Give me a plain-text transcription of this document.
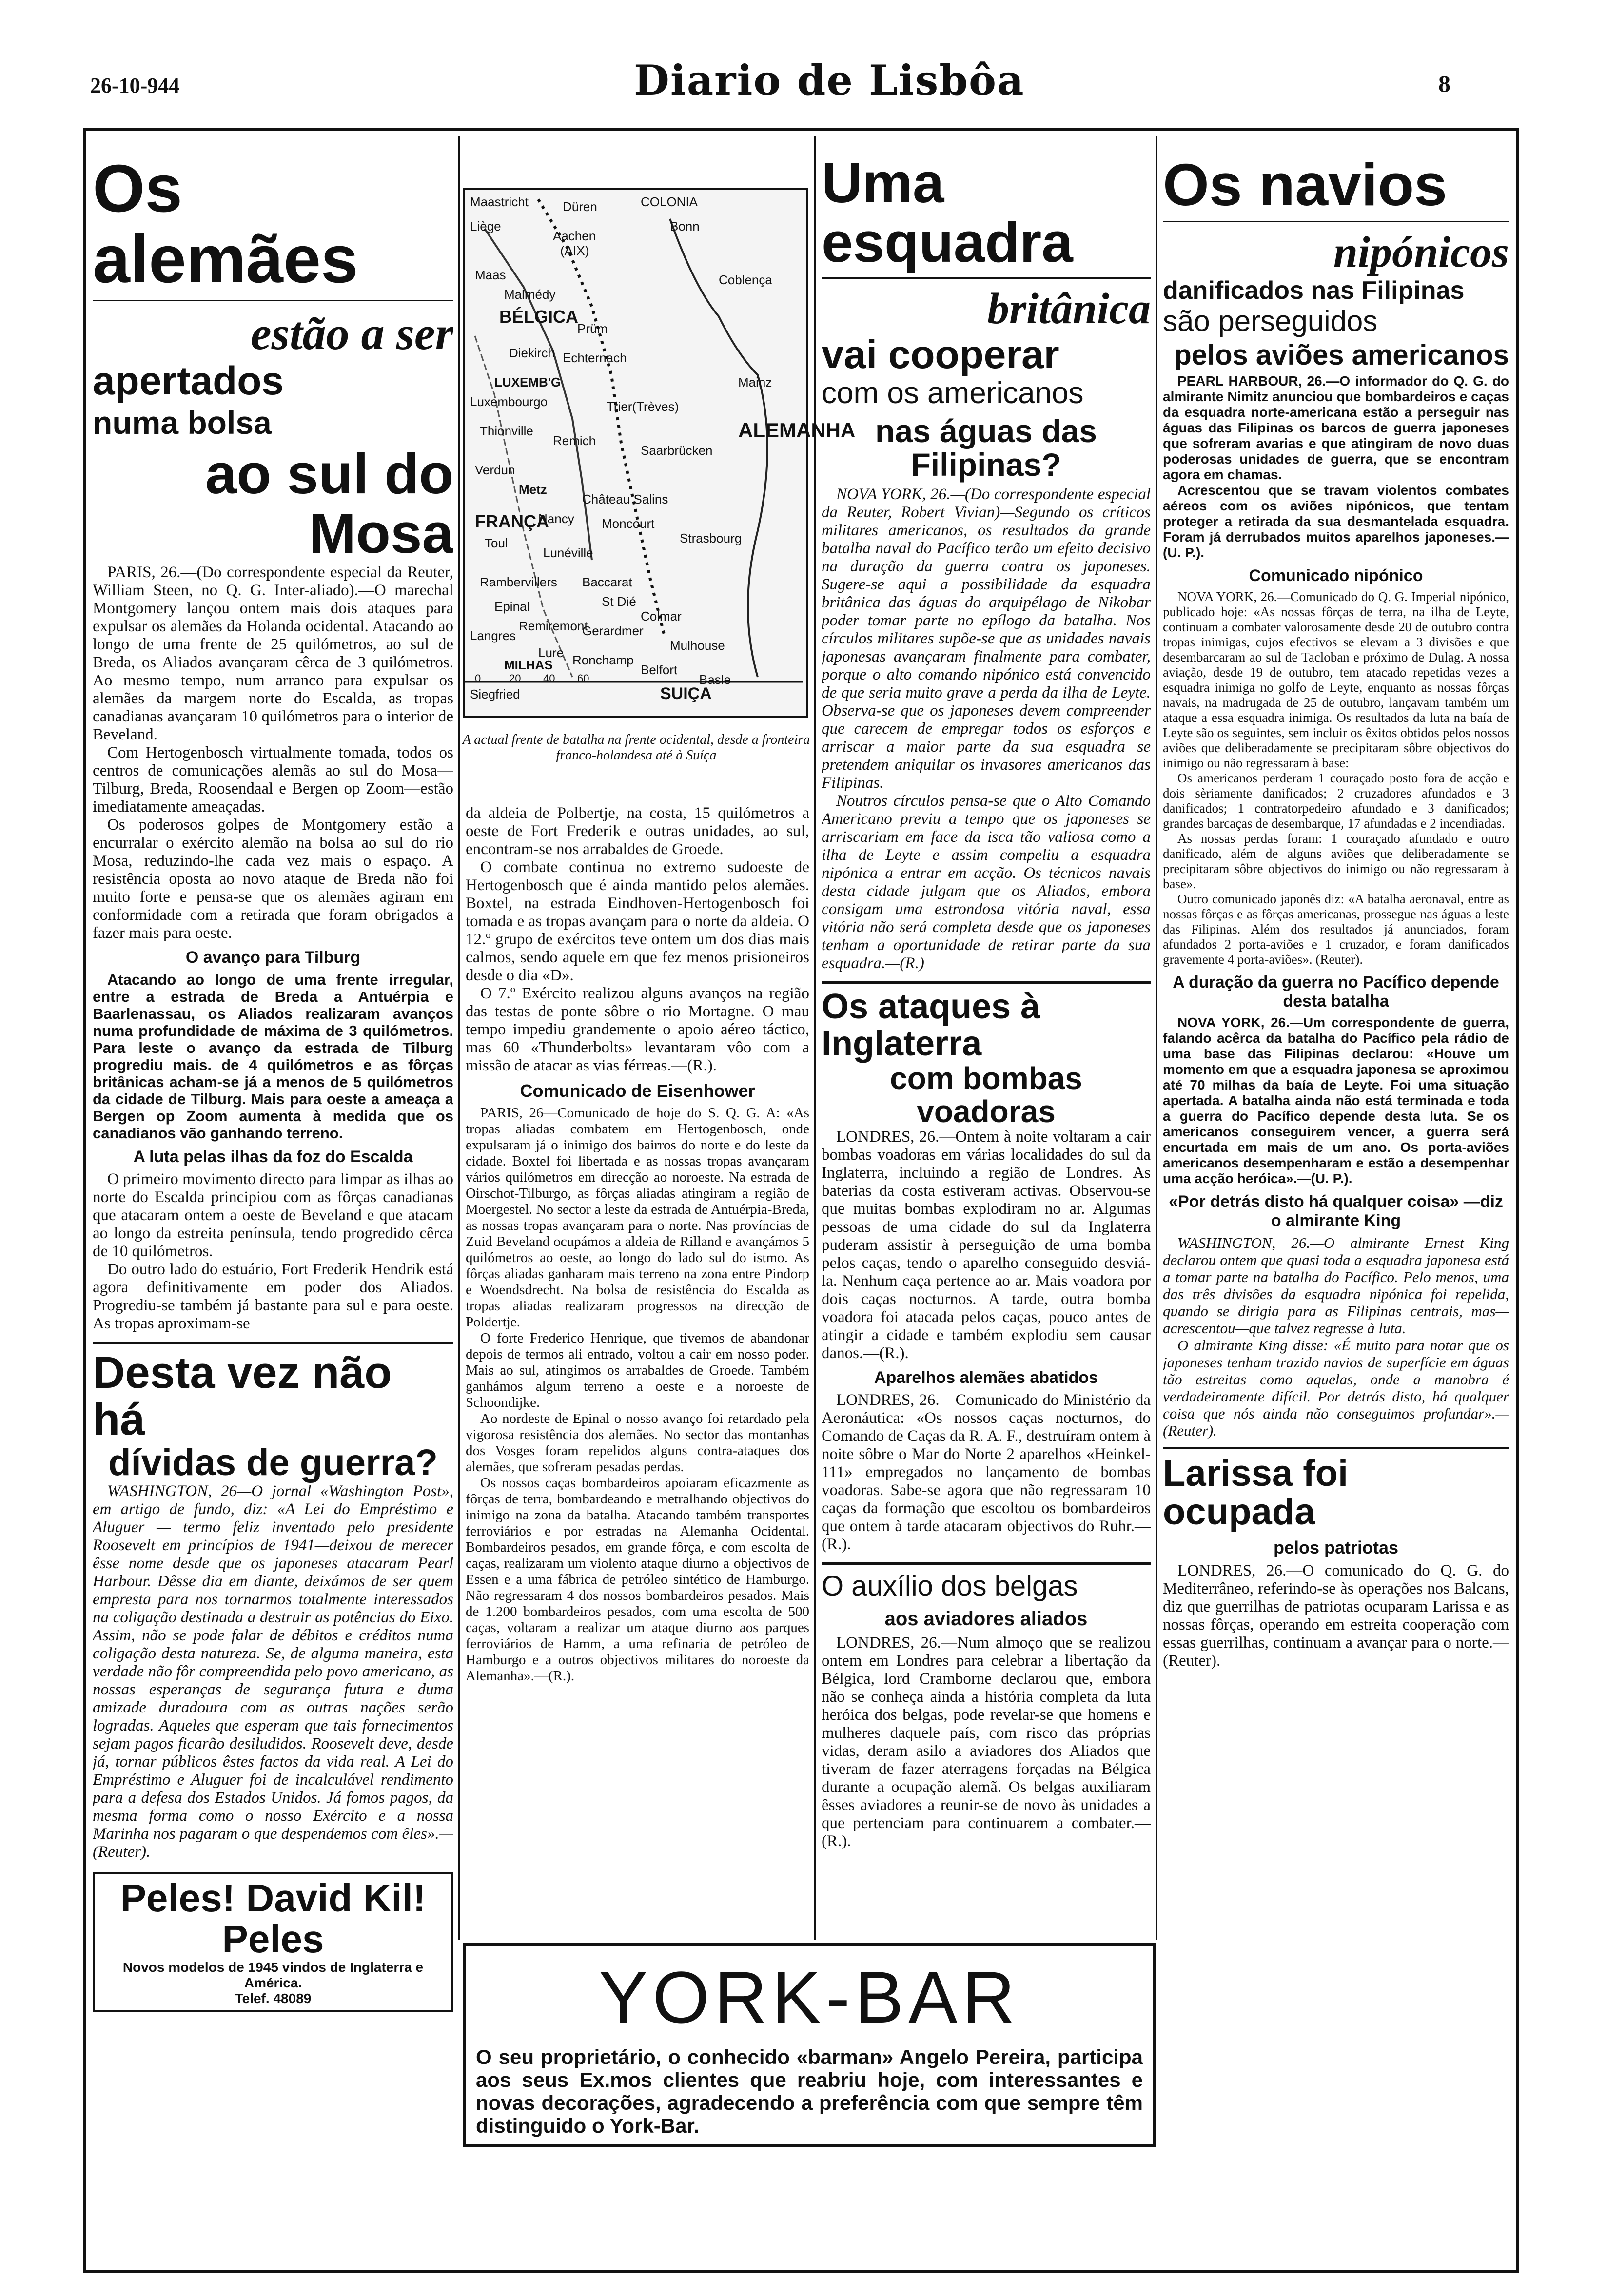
26-10-944	Diario de Lisbôa	8
Os alemães
estão a ser
apertados
numa bolsa
ao sul do Mosa

PARIS, 26.—(Do correspondente especial da Reuter, William Steen, no Q. G. Inter-aliado).—O marechal Montgomery lançou ontem mais dois ataques para expulsar os alemães da Holanda ocidental. Atacando ao longo de uma frente de 25 quilómetros, ao sul de Breda, os Aliados avançaram cêrca de 3 quilómetros. Ao mesmo tempo, num arranco para expulsar os alemães da margem norte do Escalda, as tropas canadianas avançaram 10 quilómetros para o interior de Beveland.

Com Hertogenbosch virtualmente tomada, todos os centros de comunicações alemãs ao sul do Mosa—Tilburg, Breda, Roosendaal e Bergen op Zoom—estão imediatamente ameaçadas.

Os poderosos golpes de Montgomery estão a encurralar o exército alemão na bolsa ao sul do rio Mosa, reduzindo-lhe cada vez mais o espaço. A resistência oposta ao novo ataque de Breda não foi muito forte e pensa-se que os alemães agiram em conformidade com a retirada que foram obrigados a fazer mais para oeste.

O avanço para Tilburg

Atacando ao longo de uma frente irregular, entre a estrada de Breda a Antuérpia e Baarlenassau, os Aliados realizaram avanços numa profundidade de máxima de 3 quilómetros. Para leste o avanço da estrada de Tilburg progrediu mais. de 4 quilómetros e as fôrças britânicas acham-se já a menos de 5 quilómetros da cidade de Tilburg. Mais para oeste a ameaça a Bergen op Zoom aumenta à medida que os canadianos vão ganhando terreno.

A luta pelas ilhas da foz do Escalda

O primeiro movimento directo para limpar as ilhas ao norte do Escalda principiou com as fôrças canadianas que atacaram ontem a oeste de Beveland e que atacam ao longo da estreita península, tendo progredido cêrca de 10 quilómetros.

Do outro lado do estuário, Fort Frederik Hendrik está agora definitivamente em poder dos Aliados. Progrediu-se também já bastante para sul e para oeste. As tropas aproximam-se

Desta vez não há
dívidas de guerra?

WASHINGTON, 26—O jornal «Washington Post», em artigo de fundo, diz: «A Lei do Empréstimo e Aluguer — termo feliz inventado pelo presidente Roosevelt em princípios de 1941—deixou de merecer êsse nome desde que os japoneses atacaram Pearl Harbour. Dêsse dia em diante, deixámos de ser quem empresta para nos tornarmos totalmente interessados na coligação destinada a destruir as potências do Eixo. Assim, não se pode falar de débitos e créditos numa coligação desta natureza. Se, de alguma maneira, esta verdade não fôr compreendida pelo povo americano, as nossas esperanças de segurança futura e duma amizade duradoura com as outras nações serão logradas. Aqueles que esperam que tais fornecimentos sejam pagos ficarão desiludidos. Roosevelt deve, desde já, tornar públicos êstes factos da vida real. A Lei do Empréstimo e Aluguer foi de incalculável rendimento para a defesa dos Estados Unidos. Já fomos pagos, da mesma forma como o nosso Exército e a nossa Marinha nos pagaram o que despendemos com êles».—(Reuter).

Peles! David Kil! Peles
Novos modelos de 1945 vindos de Inglaterra e América.
Telef. 48089
Maastricht	Düren	COLONIA
Liège
Aachen
(AIX)
Bonn
Maas
Malmédy
Coblença
Prüm
Diekirch Echternach
LUXEMB'G	Mainz
Luxembourgo	Trier(Trèves)
Thionville
Remich
Saarbrücken
Verdun
Metz
Château Salins
Nancy Moncourt
Toul	Strasbourg
Lunéville
Rambervillers Baccarat
Epinal	St Dié
Colmar
Langres
Remiremont
Gerardmer
Lure Ronchamp
Mulhouse
Belfort
Basle
MILHAS
Siegfried	SUIÇA
ALEMANHA
BÉLGICA
FRANÇA
0	20 40 60
A actual frente de batalha na frente ocidental, desde a fronteira franco-holandesa até à Suíça

da aldeia de Polbertje, na costa, 15 quilómetros a oeste de Fort Frederik e outras unidades, ao sul, encontram-se nos arrabaldes de Groede.

O combate continua no extremo sudoeste de Hertogenbosch que é ainda mantido pelos alemães. Boxtel, na estrada Eindhoven-Hertogenbosch foi tomada e as tropas avançam para o norte da aldeia. O 12.º grupo de exércitos teve ontem um dos dias mais calmos, sendo aquele em que fez menos prisioneiros desde o dia «D».

O 7.º Exército realizou alguns avanços na região das testas de ponte sôbre o rio Mortagne. O mau tempo impediu grandemente o apoio aéreo táctico, mas 60 «Thunderbolts» levantaram vôo com a missão de atacar as vias férreas.—(R.).

Comunicado de Eisenhower

PARIS, 26—Comunicado de hoje do S. Q. G. A: «As tropas aliadas combatem em Hertogenbosch, onde expulsaram já o inimigo dos bairros do norte e do leste da cidade. Boxtel foi libertada e as nossas tropas avançaram vários quilómetros em direcção ao noroeste. Na estrada de Oirschot-Tilburgo, as fôrças aliadas atingiram a região de Moergestel. No sector a leste da estrada de Antuérpia-Breda, as nossas tropas avançaram para o norte. Nas províncias de Zuid Beveland ocupámos a aldeia de Rilland e avançámos 5 quilómetros ao oeste, ao longo do lado sul do istmo. As fôrças aliadas ganharam mais terreno na zona entre Pindorp e Woendsdrecht. Na bolsa de resistência do Escalda as tropas aliadas realizaram progressos na direcção de Poldertje.

O forte Frederico Henrique, que tivemos de abandonar depois de termos ali entrado, voltou a cair em nosso poder. Mais ao sul, atingimos os arrabaldes de Groede. Também ganhámos algum terreno a oeste e a noroeste de Schoondijke.

Ao nordeste de Epinal o nosso avanço foi retardado pela vigorosa resistência dos alemães. No sector das montanhas dos Vosges foram repelidos alguns contra-ataques dos alemães, que sofreram pesadas perdas.

Os nossos caças bombardeiros apoiaram eficazmente as fôrças de terra, bombardeando e metralhando objectivos do inimigo na zona da batalha. Atacando também transportes ferroviários e por estradas na Alemanha Ocidental. Bombardeiros pesados, em grande fôrça, e com escolta de caças, realizaram um violento ataque diurno a objectivos de Essen e a uma fábrica de petróleo sintético de Hamburgo. Não regressaram 4 dos nossos bombardeiros pesados. Mais de 1.200 bombardeiros pesados, com uma escolta de 500 caças, voltaram a realizar um ataque diurno aos parques ferroviários de Hamm, a uma refinaria de petróleo de Hamburgo e a outros objectivos militares do noroeste da Alemanha».—(R.).

Uma esquadra
britânica
vai cooperar
com os americanos
nas águas das Filipinas?

NOVA YORK, 26.—(Do correspondente especial da Reuter, Robert Vivian)—Segundo os críticos militares americanos, os resultados da grande batalha naval do Pacífico terão um efeito decisivo na duração da guerra contra os japoneses. Sugere-se aqui a possibilidade da esquadra britânica das águas do arquipélago de Nikobar poder tomar parte no epílogo da batalha. Nos círculos militares supõe-se que as unidades navais japonesas avançaram finalmente para combater, porque o alto comando nipónico está convencido de que seria muito grave a perda da ilha de Leyte. Observa-se que os japoneses devem compreender que carecem de empregar todos os esforços e arriscar a maior parte da sua esquadra se pretendem aniquilar os invasores americanos das Filipinas.

Noutros círculos pensa-se que o Alto Comando Americano previu a tempo que os japoneses se arriscariam em face da isca tão valiosa como a ilha de Leyte e assim compeliu a esquadra nipónica a entrar em acção. Os técnicos navais desta cidade julgam que os Aliados, embora consigam uma estrondosa vitória naval, essa vitória não será completa desde que os japoneses tenham a oportunidade de retirar parte da sua esquadra.—(R.)

Os ataques à Inglaterra
com bombas voadoras

LONDRES, 26.—Ontem à noite voltaram a cair bombas voadoras em várias localidades do sul da Inglaterra, incluindo a região de Londres. As baterias da costa estiveram activas. Observou-se que muitas bombas explodiram no ar. Algumas pessoas de uma cidade do sul da Inglaterra puderam assistir à perseguição de uma bomba pelos caças, tendo o aparelho conseguido desviá-la. Nenhum caça pertence ao ar. Mais voadora por dois caças nocturnos. A tarde, outra bomba voadora foi atacada pelos caças, pouco antes de atingir a cidade e também explodiu sem causar danos.—(R.).

Aparelhos alemães abatidos

LONDRES, 26.—Comunicado do Ministério da Aeronáutica: «Os nossos caças nocturnos, do Comando de Caças da R. A. F., destruíram ontem à noite sôbre o Mar do Norte 2 aparelhos «Heinkel-111» empregados no lançamento de bombas voadoras. Sabe-se agora que não regressaram 10 caças da formação que escoltou os bombardeiros que ontem à tarde atacaram objectivos do Ruhr.—(R.).

O auxílio dos belgas
aos aviadores aliados

LONDRES, 26.—Num almoço que se realizou ontem em Londres para celebrar a libertação da Bélgica, lord Cramborne declarou que, embora não se conheça ainda a história completa da luta heróica dos belgas, pode revelar-se que homens e mulheres daquele país, com risco das próprias vidas, deram asilo a aviadores dos Aliados que tiveram de fazer aterragens forçadas na Bélgica durante a ocupação alemã. Os belgas auxiliaram êsses aviadores a reunir-se de novo às unidades a que pertenciam para continuarem a combater.—(R.).

Os navios
nipónicos
danificados nas Filipinas
são perseguidos
pelos aviões americanos

PEARL HARBOUR, 26.—O informador do Q. G. do almirante Nimitz anunciou que bombardeiros e caças da esquadra norte-americana estão a perseguir nas águas das Filipinas os barcos de guerra japoneses que sofreram avarias e que atingiram de novo duas poderosas unidades de guerra, que se encontram agora em chamas.

Acrescentou que se travam violentos combates aéreos com os aviões nipónicos, que tentam proteger a retirada da sua desmantelada esquadra. Foram já derrubados muitos aparelhos japoneses.—(U. P.).

Comunicado nipónico

NOVA YORK, 26.—Comunicado do Q. G. Imperial nipónico, publicado hoje: «As nossas fôrças de terra, na ilha de Leyte, continuam a combater valorosamente desde 20 de outubro contra tropas inimigas, cujos efectivos se elevam a 3 divisões e que desembarcaram ao sul de Tacloban e próximo de Dulag. A nossa aviação, desde 19 de outubro, tem atacado repetidas vezes a esquadra inimiga no golfo de Leyte, enquanto as nossas fôrças navais, na madrugada de 25 de outubro, lançavam também um ataque a essa esquadra inimiga. Os resultados da luta na baía de Leyte são os seguintes, sem incluir os êxitos obtidos pelos nossos aviões que deliberadamente se precipitaram sôbre objectivos do inimigo ou não regressaram à base:

Os americanos perderam 1 couraçado posto fora de acção e dois sèriamente danificados; 2 cruzadores afundados e 3 danificados; 1 contratorpedeiro afundado e 3 danificados; grandes barcaças de desembarque, 17 afundadas e 2 incendiadas.

As nossas perdas foram: 1 couraçado afundado e outro danificado, além de alguns aviões que deliberadamente se precipitaram sôbre objectivos do inimigo ou não regressaram à base».

Outro comunicado japonês diz: «A batalha aeronaval, entre as nossas fôrças e as fôrças americanas, prossegue nas águas a leste das Filipinas. Além dos resultados já anunciados, foram afundados 2 porta-aviões e 1 cruzador, e foram danificados gravemente 4 porta-aviões». (Reuter).

A duração da guerra no Pacífico depende desta batalha

NOVA YORK, 26.—Um correspondente de guerra, falando acêrca da batalha do Pacífico pela rádio de uma base das Filipinas declarou: «Houve um momento em que a esquadra japonesa se aproximou até 70 milhas da baía de Leyte. Foi uma situação apertada. A batalha ainda não está terminada e toda a guerra do Pacífico depende desta luta. Se os americanos conseguirem vencer, a guerra será encurtada em mais de um ano. Os porta-aviões americanos desempenharam e estão a desempenhar uma acção heróica».—(U. P.).

«Por detrás disto há qualquer coisa» —diz o almirante King

WASHINGTON, 26.—O almirante Ernest King declarou ontem que quasi toda a esquadra japonesa está a tomar parte na batalha do Pacífico. Pelo menos, uma das três divisões da esquadra nipónica foi repelida, quando se dirigia para as Filipinas centrais, mas—acrescentou—que talvez regresse à luta.

O almirante King disse: «É muito para notar que os japoneses tenham trazido navios de superfície em águas tão estreitas como aquelas, onde a manobra é verdadeiramente difícil. Por detrás disto, há qualquer coisa que nós ainda não conseguimos profundar».—(Reuter).

Larissa foi ocupada
pelos patriotas

LONDRES, 26.—O comunicado do Q. G. do Mediterrâneo, referindo-se às operações nos Balcans, diz que guerrilhas de patriotas ocuparam Larissa e as nossas fôrças, operando em estreita cooperação com essas guerrilhas, continuam a avançar para o norte.—(Reuter).

YORK-BAR
O seu proprietário, o conhecido «barman» Angelo Pereira, participa aos seus Ex.mos clientes que reabriu hoje, com interessantes e novas decorações, agradecendo a preferência com que sempre têm distinguido o York-Bar.
